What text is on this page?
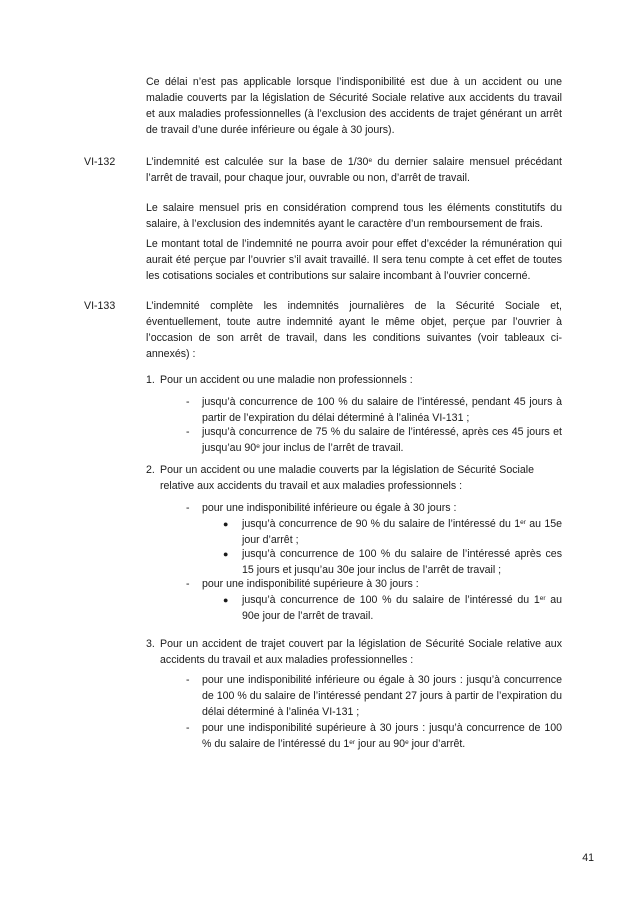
Ce délai n’est pas applicable lorsque l’indisponibilité est due à un accident ou une maladie couverts par la législation de Sécurité Sociale relative aux accidents du travail et aux maladies professionnelles (à l’exclusion des accidents de trajet générant un arrêt de travail d’une durée inférieure ou égale à 30 jours).

VI-132	L’indemnité est calculée sur la base de 1/30e du dernier salaire mensuel précédant l’arrêt de travail, pour chaque jour, ouvrable ou non, d’arrêt de travail.

Le salaire mensuel pris en considération comprend tous les éléments constitutifs du salaire, à l’exclusion des indemnités ayant le caractère d’un remboursement de frais.

Le montant total de l’indemnité ne pourra avoir pour effet d’excéder la rémunération qui aurait été perçue par l’ouvrier s’il avait travaillé. Il sera tenu compte à cet effet de toutes les cotisations sociales et contributions sur salaire incombant à l’ouvrier concerné.

VI-133	L’indemnité complète les indemnités journalières de la Sécurité Sociale et, éventuellement, toute autre indemnité ayant le même objet, perçue par l’ouvrier à l’occasion de son arrêt de travail, dans les conditions suivantes (voir tableaux ci-annexés) :

1. Pour un accident ou une maladie non professionnels :
- jusqu’à concurrence de 100 % du salaire de l’intéressé, pendant 45 jours à partir de l’expiration du délai déterminé à l’alinéa VI-131 ;
- jusqu’à concurrence de 75 % du salaire de l’intéressé, après ces 45 jours et jusqu’au 90e jour inclus de l’arrêt de travail.
2. Pour un accident ou une maladie couverts par la législation de Sécurité Sociale relative aux accidents du travail et aux maladies professionnels :
- pour une indisponibilité inférieure ou égale à 30 jours :
● jusqu’à concurrence de 90 % du salaire de l’intéressé du 1er au 15e jour d’arrêt ;
● jusqu’à concurrence de 100 % du salaire de l’intéressé après ces 15 jours et jusqu’au 30e jour inclus de l’arrêt de travail ;
- pour une indisponibilité supérieure à 30 jours :
● jusqu’à concurrence de 100 % du salaire de l’intéressé du 1er au 90e jour de l’arrêt de travail.
3. Pour un accident de trajet couvert par la législation de Sécurité Sociale relative aux accidents du travail et aux maladies professionnelles :
- pour une indisponibilité inférieure ou égale à 30 jours : jusqu’à concurrence de 100 % du salaire de l’intéressé pendant 27 jours à partir de l’expiration du délai déterminé à l’alinéa VI-131 ;
- pour une indisponibilité supérieure à 30 jours : jusqu’à concurrence de 100 % du salaire de l’intéressé du 1er jour au 90e jour d’arrêt.
41
